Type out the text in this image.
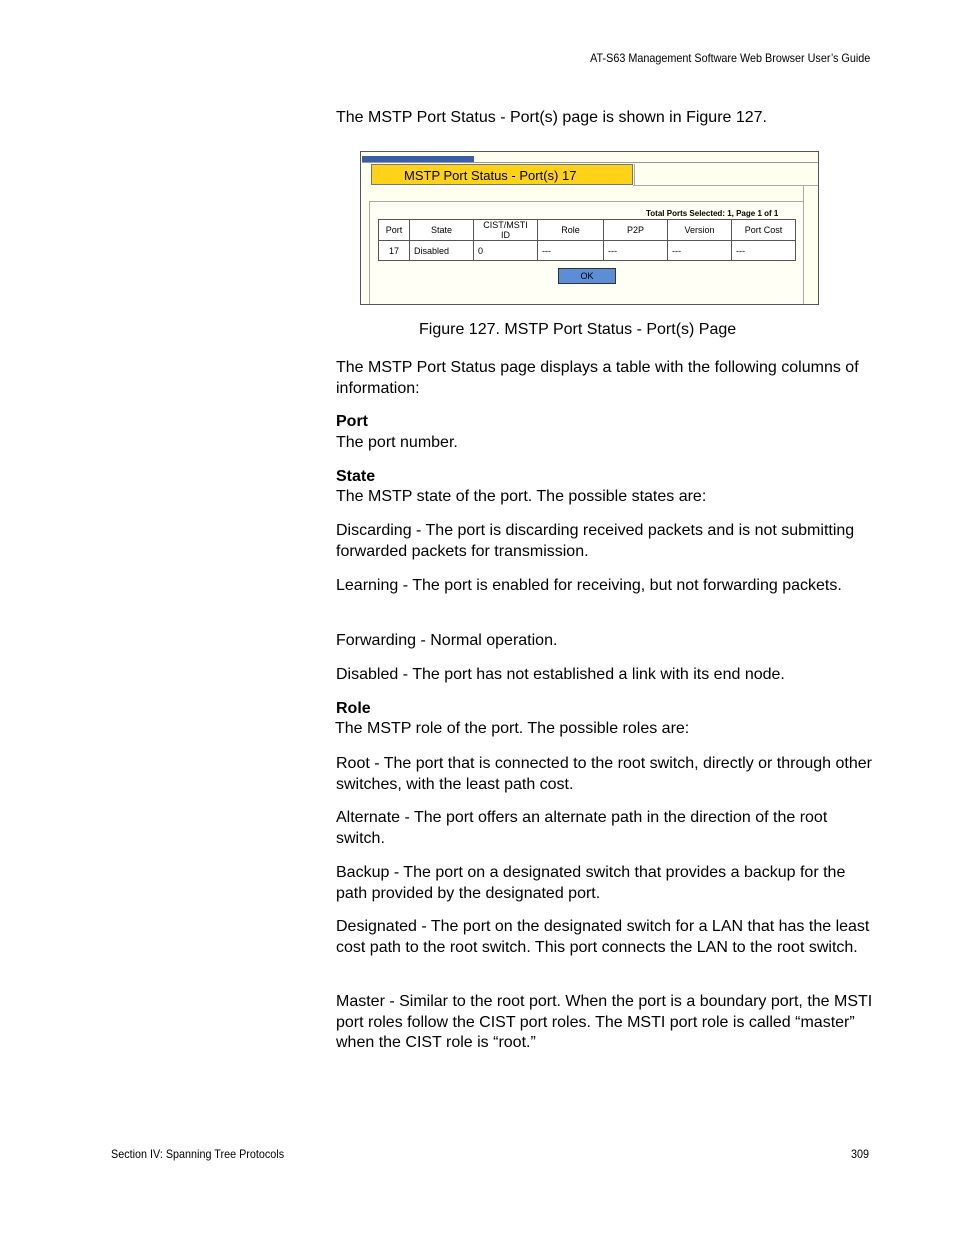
AT-S63 Management Software Web Browser User’s Guide
The MSTP Port Status - Port(s) page is shown in Figure 127.
MSTP Port Status - Port(s) 17
Total Ports Selected: 1, Page 1 of 1
Port	State	CIST/MSTI ID	Role	P2P	Version	Port Cost
17	Disabled	0	---	---	---	---
OK
Figure 127. MSTP Port Status - Port(s) Page
The MSTP Port Status page displays a table with the following columns of information:
Port
The port number.
State
The MSTP state of the port. The possible states are:
Discarding - The port is discarding received packets and is not submitting forwarded packets for transmission.
Learning - The port is enabled for receiving, but not forwarding packets.
Forwarding - Normal operation.
Disabled - The port has not established a link with its end node.
Role
The MSTP role of the port. The possible roles are:
Root - The port that is connected to the root switch, directly or through other switches, with the least path cost.
Alternate - The port offers an alternate path in the direction of the root switch.
Backup - The port on a designated switch that provides a backup for the path provided by the designated port.
Designated - The port on the designated switch for a LAN that has the least cost path to the root switch. This port connects the LAN to the root switch.
Master - Similar to the root port. When the port is a boundary port, the MSTI port roles follow the CIST port roles. The MSTI port role is called “master” when the CIST role is “root.”
Section IV: Spanning Tree Protocols	309
